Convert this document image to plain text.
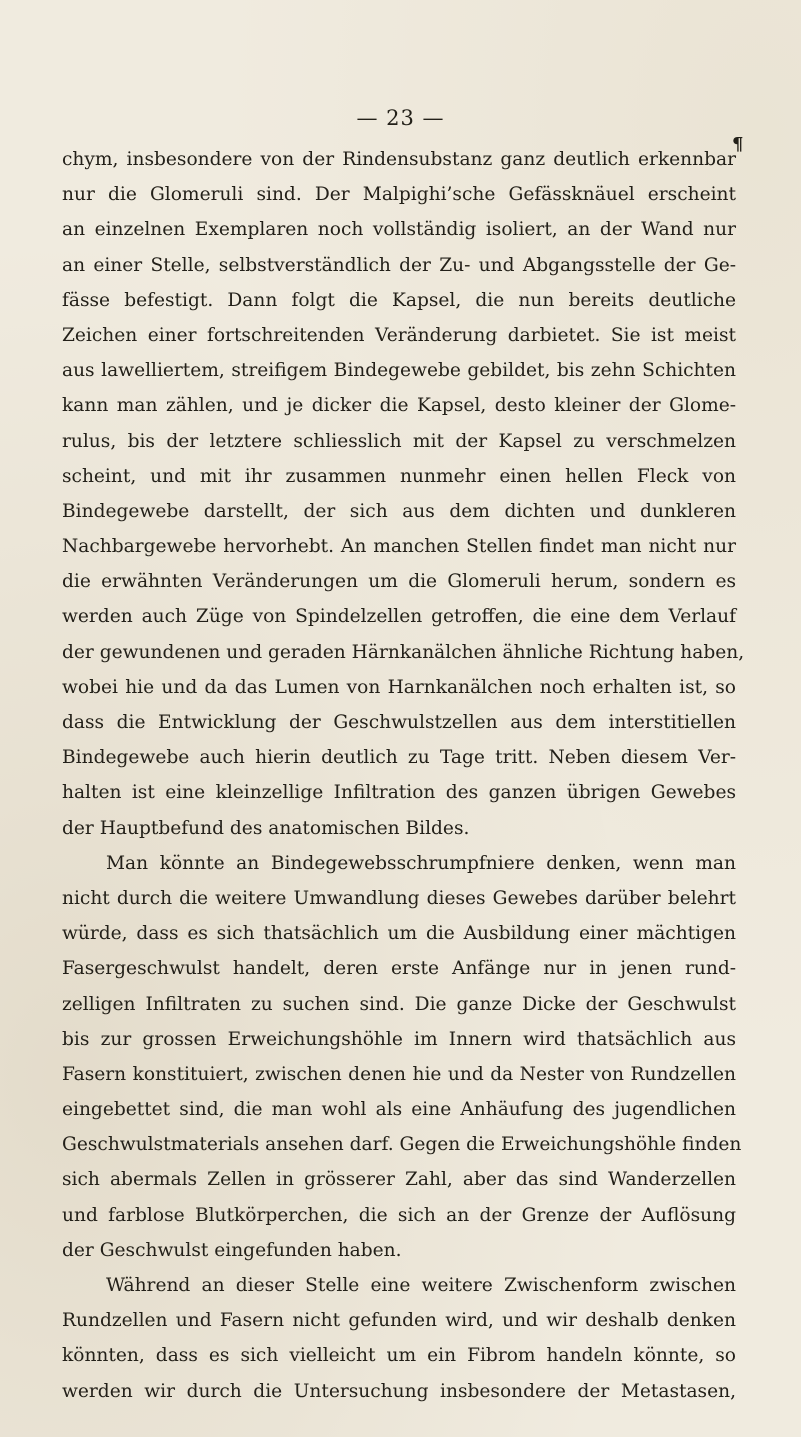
— 23 —
¶
chym, insbesondere von der Rindensubstanz ganz deutlich erkennbar
nur die Glomeruli sind. Der Malpighi’sche Gefässknäuel erscheint
an einzelnen Exemplaren noch vollständig isoliert, an der Wand nur
an einer Stelle, selbstverständlich der Zu- und Abgangsstelle der Ge-
fässe befestigt. Dann folgt die Kapsel, die nun bereits deutliche
Zeichen einer fortschreitenden Veränderung darbietet. Sie ist meist
aus lawelliertem, streifigem Bindegewebe gebildet, bis zehn Schichten
kann man zählen, und je dicker die Kapsel, desto kleiner der Glome-
rulus, bis der letztere schliesslich mit der Kapsel zu verschmelzen
scheint, und mit ihr zusammen nunmehr einen hellen Fleck von
Bindegewebe darstellt, der sich aus dem dichten und dunkleren
Nachbargewebe hervorhebt. An manchen Stellen findet man nicht nur
die erwähnten Veränderungen um die Glomeruli herum, sondern es
werden auch Züge von Spindelzellen getroffen, die eine dem Verlauf
der gewundenen und geraden Härnkanälchen ähnliche Richtung haben,
wobei hie und da das Lumen von Harnkanälchen noch erhalten ist, so
dass die Entwicklung der Geschwulstzellen aus dem interstitiellen
Bindegewebe auch hierin deutlich zu Tage tritt. Neben diesem Ver-
halten ist eine kleinzellige Infiltration des ganzen übrigen Gewebes
der Hauptbefund des anatomischen Bildes.
Man könnte an Bindegewebsschrumpfniere denken, wenn man
nicht durch die weitere Umwandlung dieses Gewebes darüber belehrt
würde, dass es sich thatsächlich um die Ausbildung einer mächtigen
Fasergeschwulst handelt, deren erste Anfänge nur in jenen rund-
zelligen Infiltraten zu suchen sind. Die ganze Dicke der Geschwulst
bis zur grossen Erweichungshöhle im Innern wird thatsächlich aus
Fasern konstituiert, zwischen denen hie und da Nester von Rundzellen
eingebettet sind, die man wohl als eine Anhäufung des jugendlichen
Geschwulstmaterials ansehen darf. Gegen die Erweichungshöhle finden
sich abermals Zellen in grösserer Zahl, aber das sind Wanderzellen
und farblose Blutkörperchen, die sich an der Grenze der Auflösung
der Geschwulst eingefunden haben.
Während an dieser Stelle eine weitere Zwischenform zwischen
Rundzellen und Fasern nicht gefunden wird, und wir deshalb denken
könnten, dass es sich vielleicht um ein Fibrom handeln könnte, so
werden wir durch die Untersuchung insbesondere der Metastasen,
